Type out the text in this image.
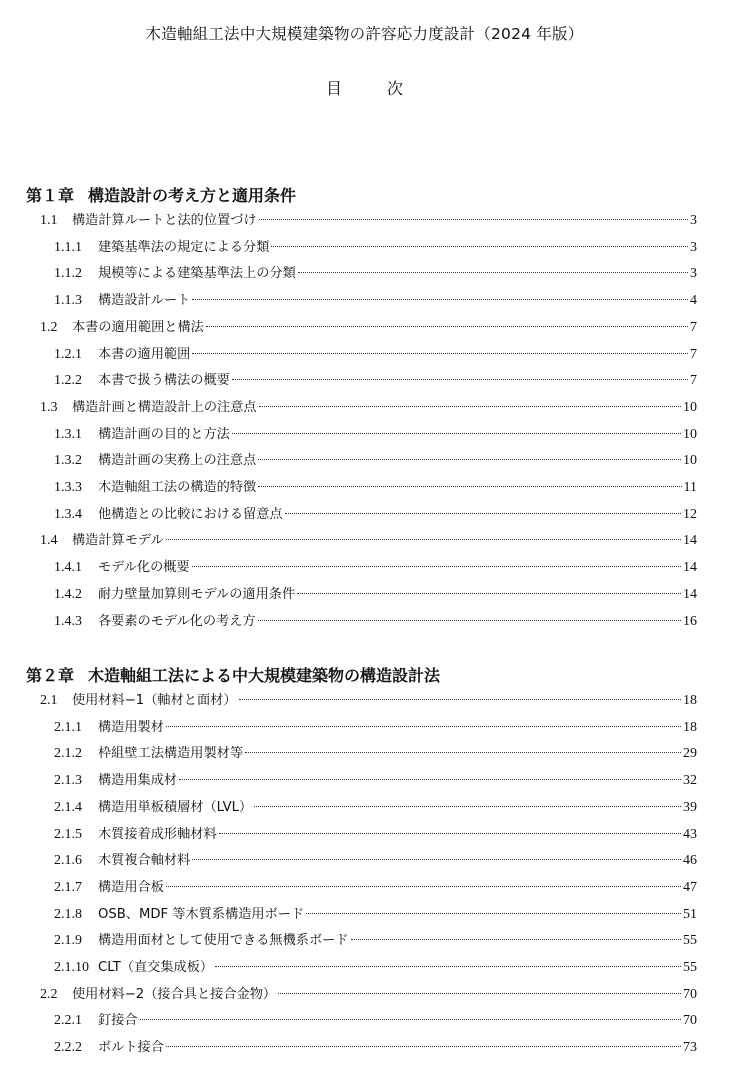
木造軸組工法中大規模建築物の許容応力度設計（2024 年版）
目 次
第１章 構造設計の考え方と適用条件
1.1	構造計算ルートと法的位置づけ	3
1.1.1	建築基準法の規定による分類	3
1.1.2	規模等による建築基準法上の分類	3
1.1.3	構造設計ルート	4
1.2	本書の適用範囲と構法	7
1.2.1	本書の適用範囲	7
1.2.2	本書で扱う構法の概要	7
1.3	構造計画と構造設計上の注意点	10
1.3.1	構造計画の目的と方法	10
1.3.2	構造計画の実務上の注意点	10
1.3.3	木造軸組工法の構造的特徴	11
1.3.4	他構造との比較における留意点	12
1.4	構造計算モデル	14
1.4.1	モデル化の概要	14
1.4.2	耐力壁量加算則モデルの適用条件	14
1.4.3	各要素のモデル化の考え方	16
第２章 木造軸組工法による中大規模建築物の構造設計法
2.1	使用材料−1（軸材と面材）	18
2.1.1	構造用製材	18
2.1.2	枠組壁工法構造用製材等	29
2.1.3	構造用集成材	32
2.1.4	構造用単板積層材（LVL）	39
2.1.5	木質接着成形軸材料	43
2.1.6	木質複合軸材料	46
2.1.7	構造用合板	47
2.1.8	OSB、MDF 等木質系構造用ボード	51
2.1.9	構造用面材として使用できる無機系ボード	55
2.1.10 CLT（直交集成板）	55
2.2	使用材料−2（接合具と接合金物）	70
2.2.1	釘接合	70
2.2.2	ボルト接合	73
